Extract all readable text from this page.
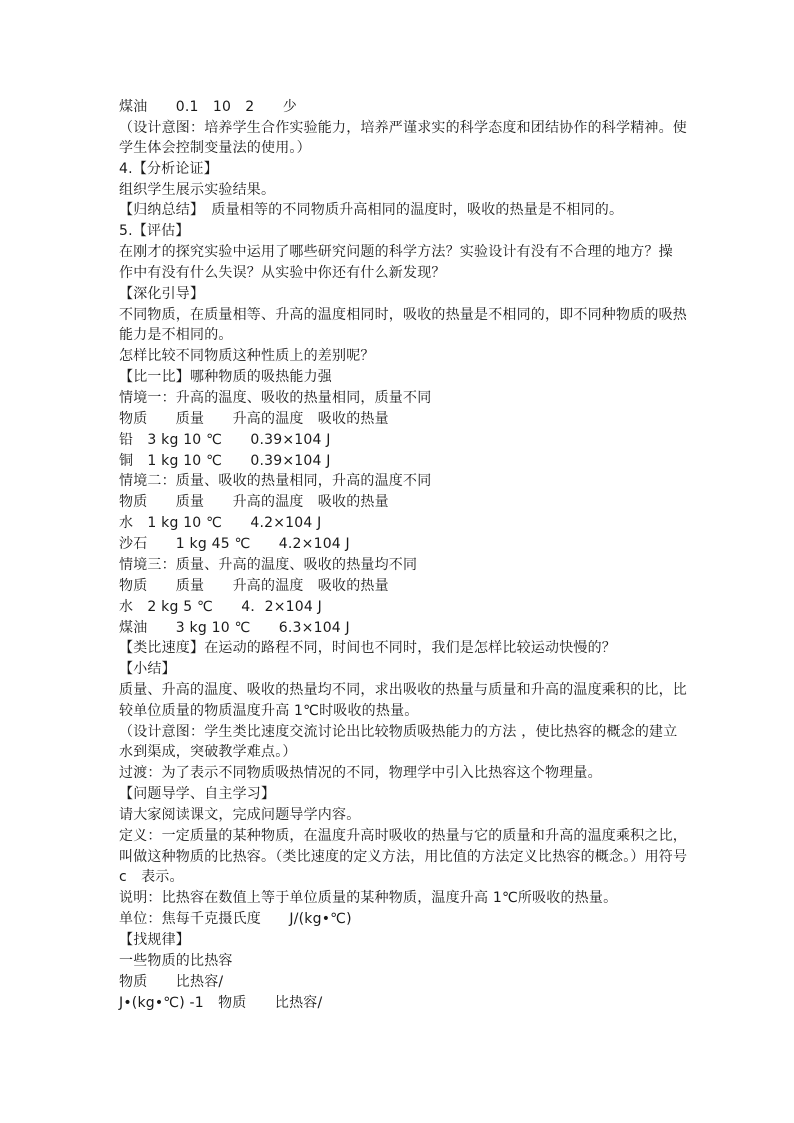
煤油　　0.1　10　2　　少
（设计意图：培养学生合作实验能力，培养严谨求实的科学态度和团结协作的科学精神。使
学生体会控制变量法的使用。）
4.【分析论证】
组织学生展示实验结果。
【归纳总结】　质量相等的不同物质升高相同的温度时，吸收的热量是不相同的。
5.【评估】
在刚才的探究实验中运用了哪些研究问题的科学方法？实验设计有没有不合理的地方？操
作中有没有什么失误？从实验中你还有什么新发现？
【深化引导】
不同物质，在质量相等、升高的温度相同时，吸收的热量是不相同的，即不同种物质的吸热
能力是不相同的。
怎样比较不同物质这种性质上的差别呢？
【比一比】哪种物质的吸热能力强
情境一：升高的温度、吸收的热量相同，质量不同
物质　　质量　　升高的温度　吸收的热量
铅　3 kg 10 ℃　　0.39×104 J
铜　1 kg 10 ℃　　0.39×104 J
情境二：质量、吸收的热量相同，升高的温度不同
物质　　质量　　升高的温度　吸收的热量
水　1 kg 10 ℃　　4.2×104 J
沙石　　1 kg 45 ℃　　4.2×104 J
情境三：质量、升高的温度、吸收的热量均不同
物质　　质量　　升高的温度　吸收的热量
水　2 kg 5 ℃　　4．2×104 J
煤油　　3 kg 10 ℃　　6.3×104 J
【类比速度】在运动的路程不同，时间也不同时，我们是怎样比较运动快慢的？
【小结】
质量、升高的温度、吸收的热量均不同，求出吸收的热量与质量和升高的温度乘积的比，比
较单位质量的物质温度升高 1℃时吸收的热量。
（设计意图：学生类比速度交流讨论出比较物质吸热能力的方法 ，使比热容的概念的建立
水到渠成，突破教学难点。）
过渡：为了表示不同物质吸热情况的不同，物理学中引入比热容这个物理量。
【问题导学、自主学习】
请大家阅读课文，完成问题导学内容。
定义：一定质量的某种物质，在温度升高时吸收的热量与它的质量和升高的温度乘积之比，
叫做这种物质的比热容。（类比速度的定义方法，用比值的方法定义比热容的概念。）用符号
c　表示。
说明：比热容在数值上等于单位质量的某种物质，温度升高 1℃所吸收的热量。
单位：焦每千克摄氏度　　J/(kg•℃)
【找规律】
一些物质的比热容
物质　　比热容/
J•(kg•℃) -1　物质　　比热容/
